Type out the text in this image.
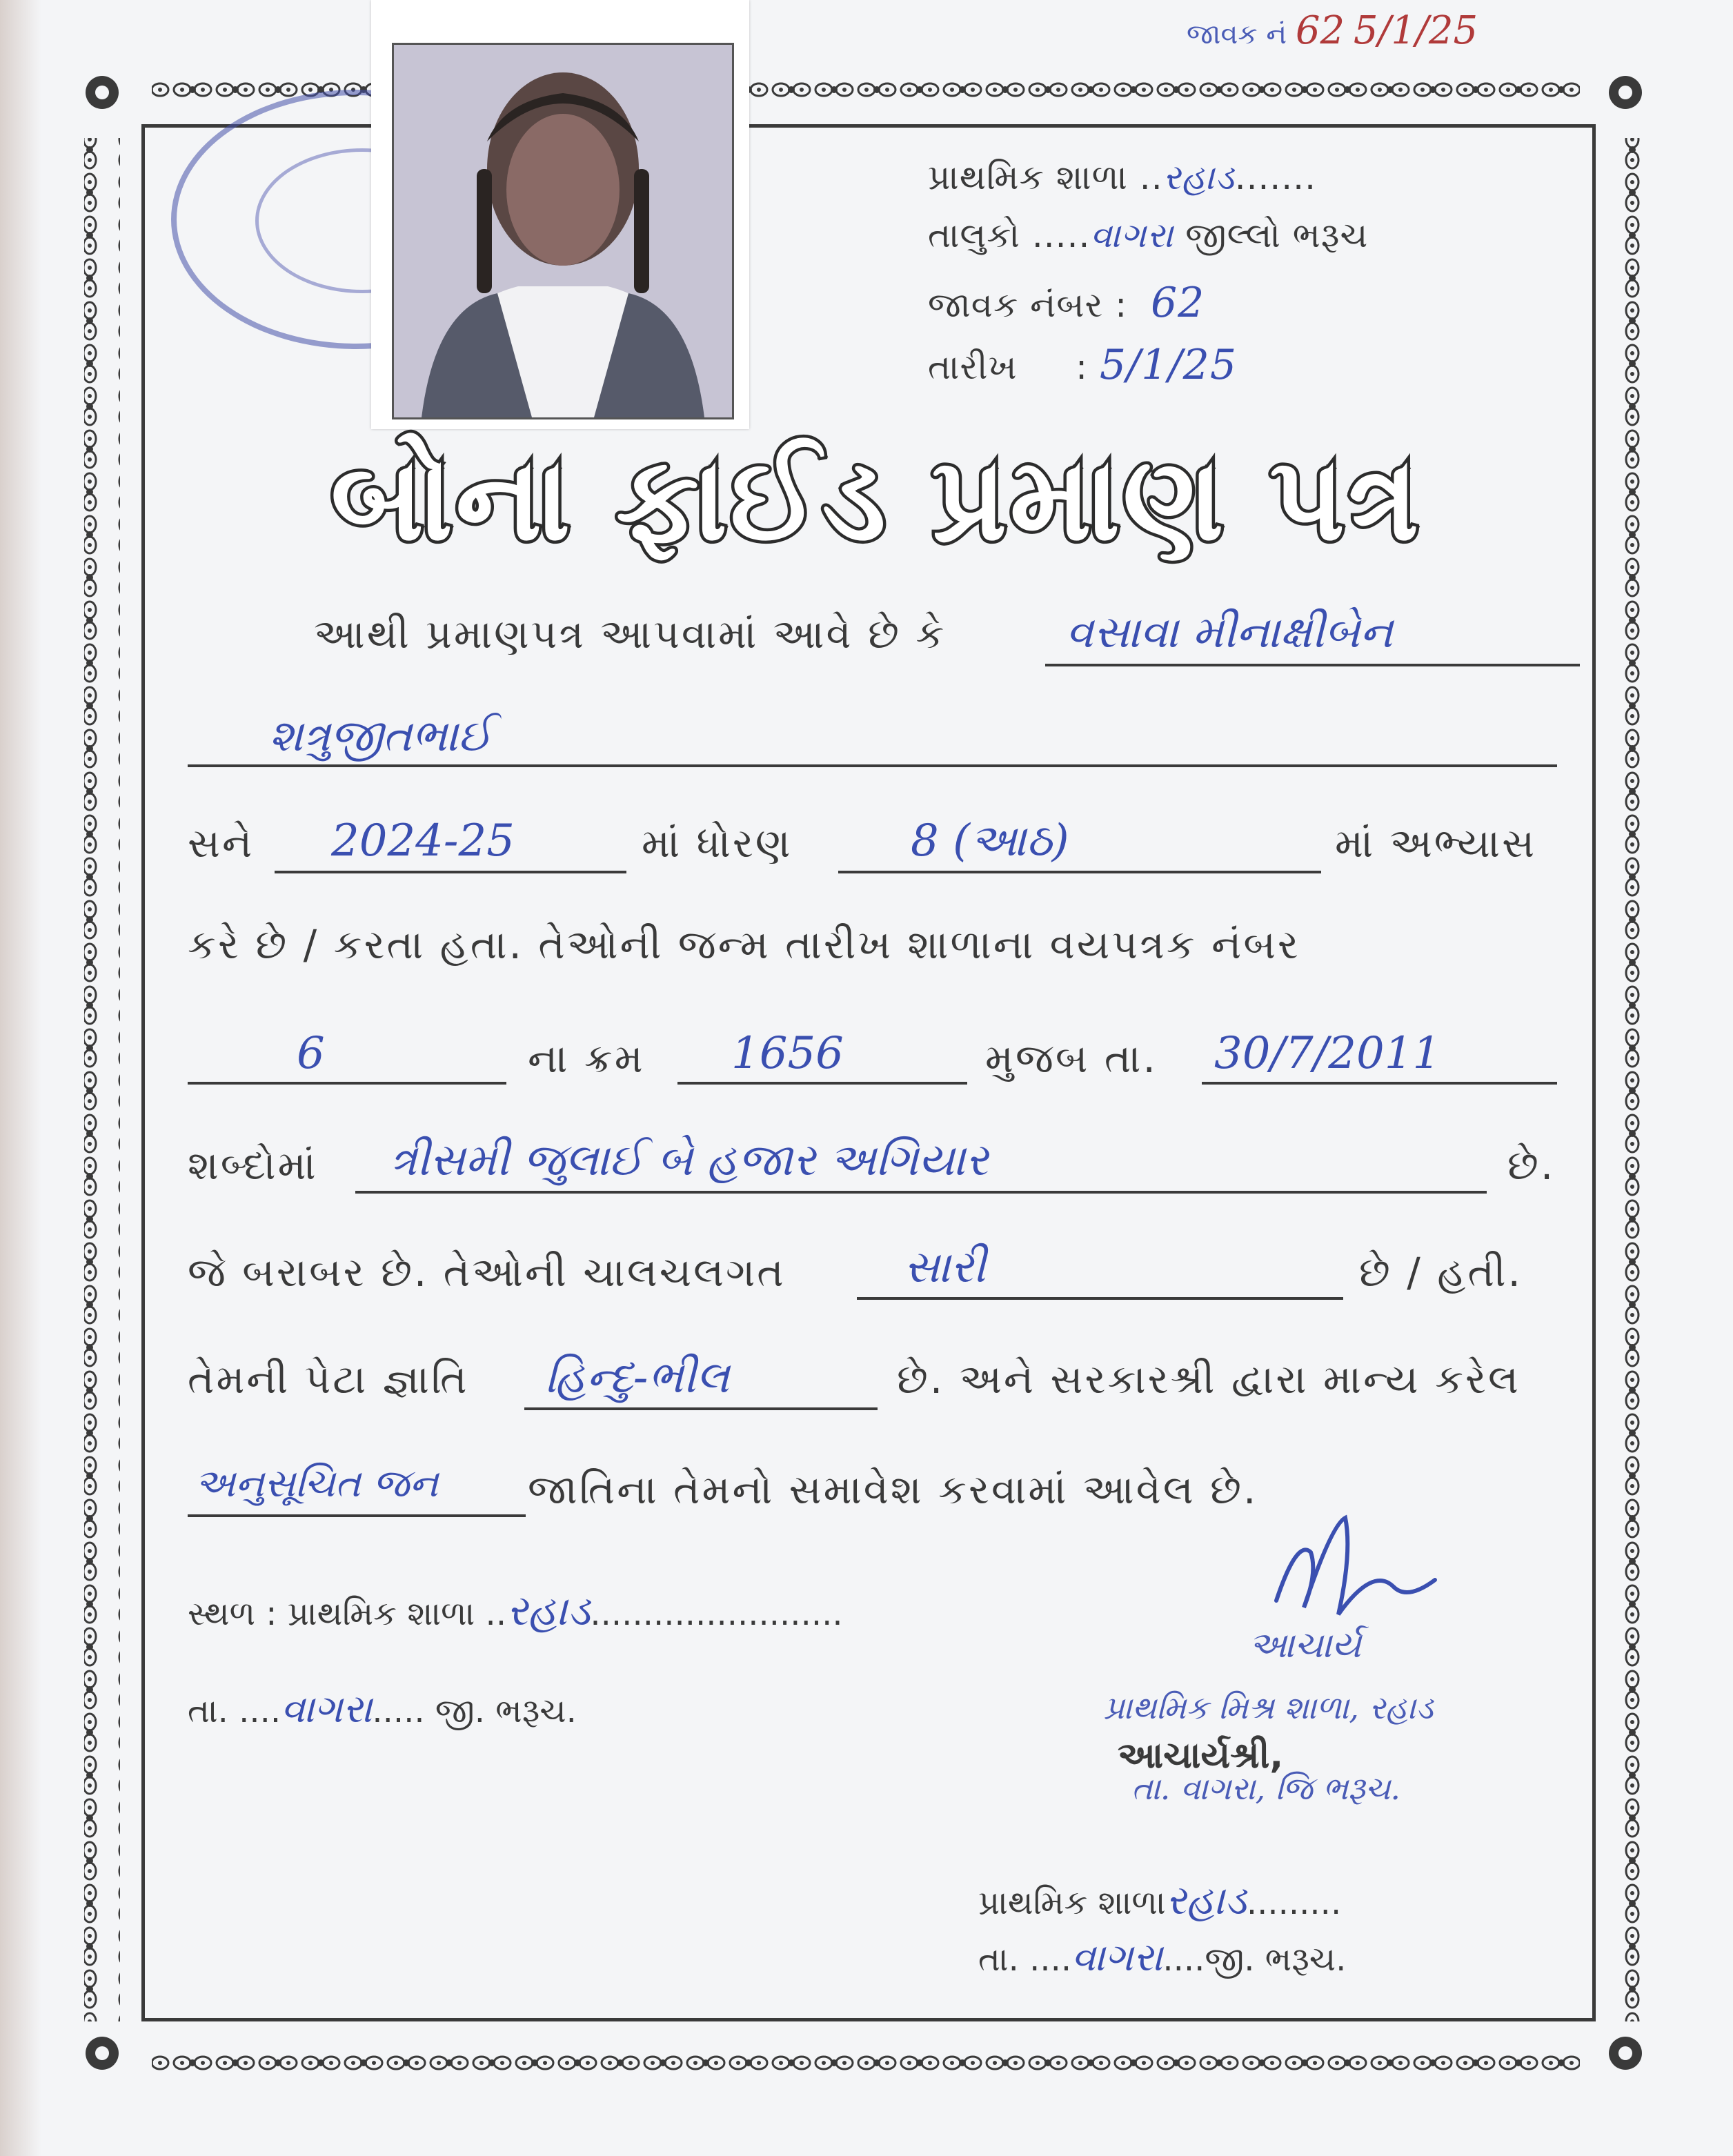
જાવક નં 62 5/1/25
પ્રાથમિક શાળા ..રહાડ.......
તાલુકો .....વાગરા જીલ્લો ભરૂચ
જાવક નંબર : 62
તારીખ     : 5/1/25
બોના ફાઈડ પ્રમાણ પત્ર
આથી પ્રમાણપત્ર આપવામાં આવે છે કે	વસાવા મીનાક્ષીબેન
શત્રુજીતભાઈ
સને 2024-25	માં ધોરણ	8 (આઠ)	માં અભ્યાસ
કરે છે / કરતા હતા. તેઓની જન્મ તારીખ શાળાના વયપત્રક નંબર
6	ના ક્રમ 1656	મુજબ તા. 30/7/2011
શબ્દોમાં ત્રીસમી જુલાઈ બે હજાર અગિયાર	છે.
જે બરાબર છે. તેઓની ચાલચલગત	સારી	છે / હતી.
તેમની પેટા જ્ઞાતિ હિન્દુ-ભીલ	છે. અને સરકારશ્રી દ્વારા માન્ય કરેલ
અનુસૂચિત જન જાતિના તેમનો સમાવેશ કરવામાં આવેલ છે.
સ્થળ : પ્રાથમિક શાળા ..રહાડ........................
તા. ....વાગરા..... જી. ભરૂચ.
આચાર્ય
પ્રાથમિક મિશ્ર શાળા, રહાડ
આચાર્યશ્રી,
તા. વાગરા, જિ ભરૂચ.
પ્રાથમિક શાળારહાડ.........
તા. ....વાગરા....જી. ભરૂચ.
